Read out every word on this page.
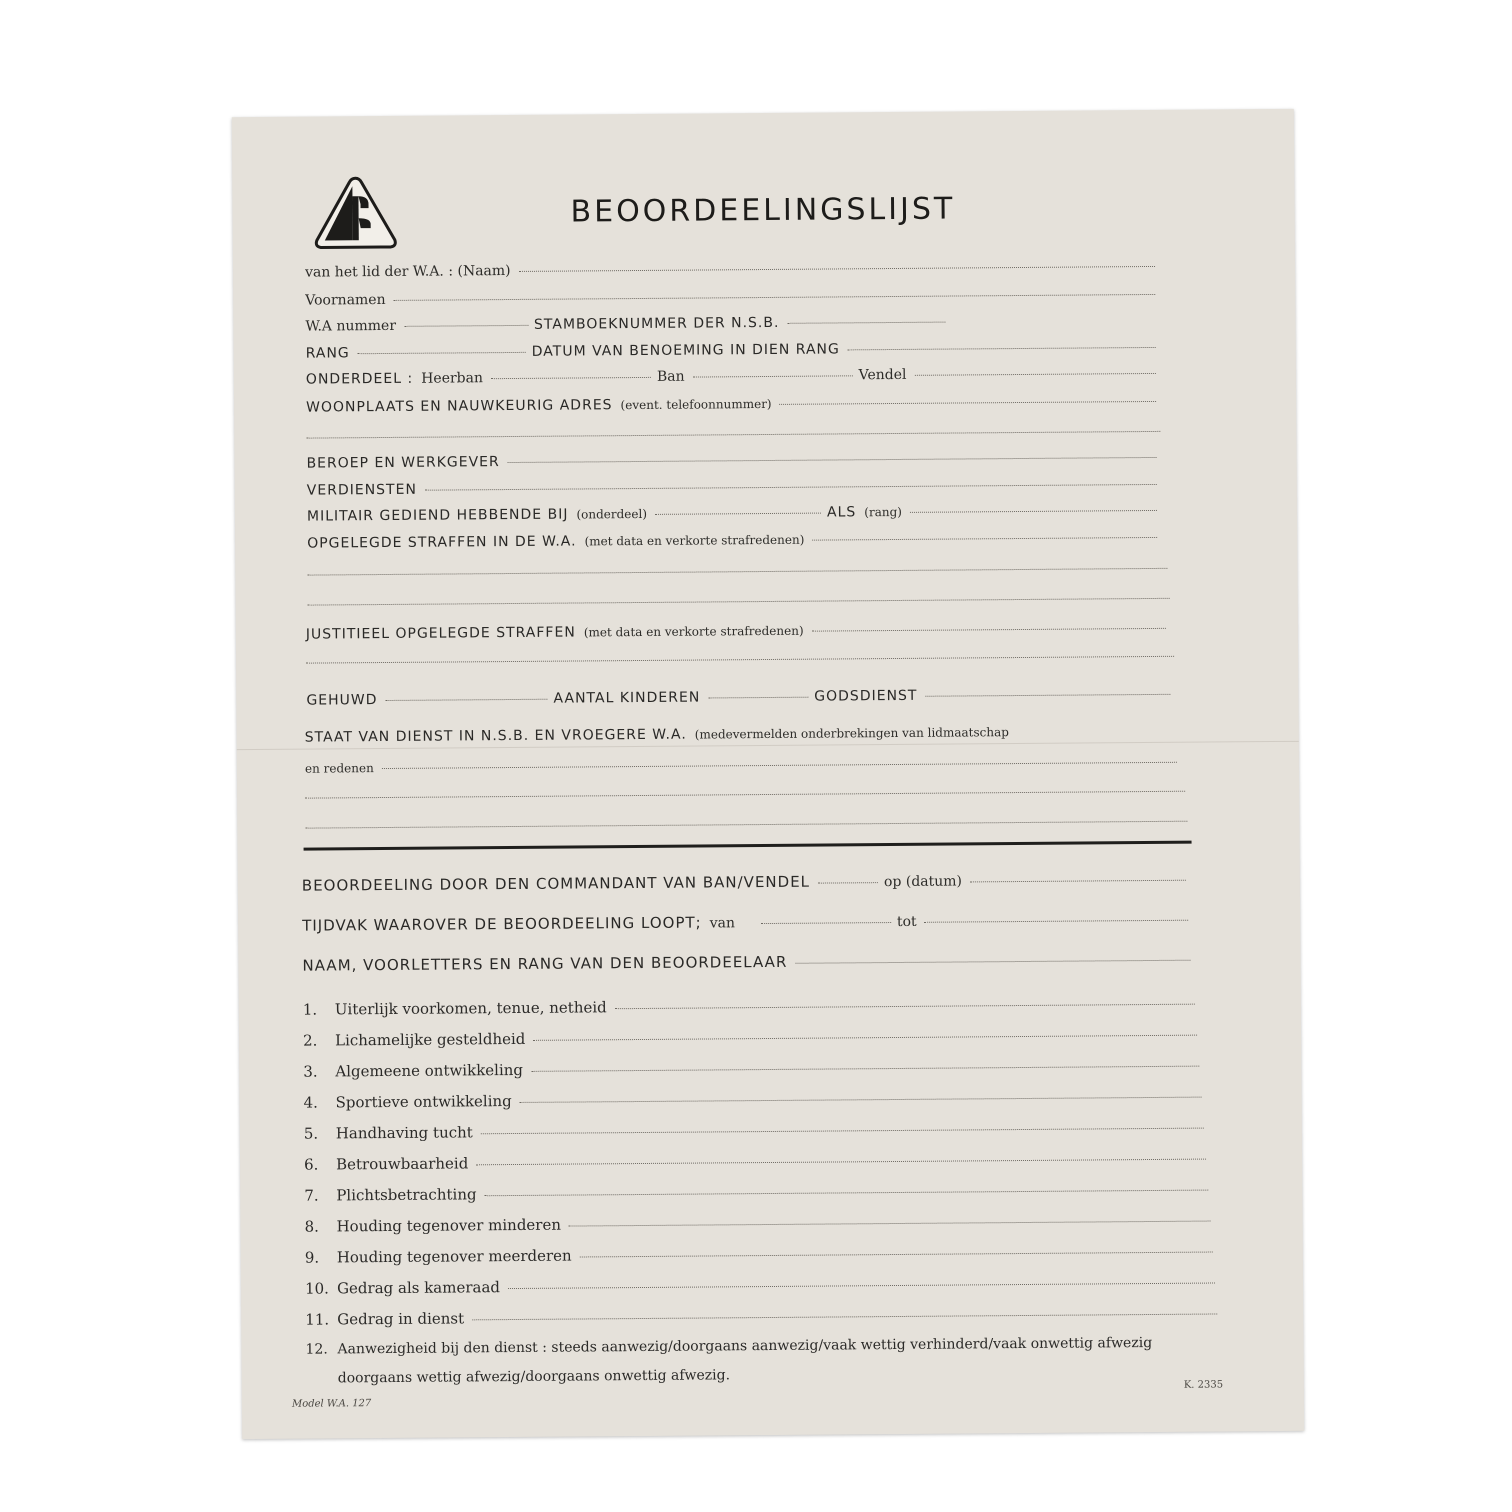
BEOORDEELINGSLIJST
van het lid der W.A. : (Naam)
Voornamen
W.A nummer	STAMBOEKNUMMER DER N.S.B.
RANG	DATUM VAN BENOEMING IN DIEN RANG
ONDERDEEL : Heerban	Ban	Vendel
WOONPLAATS EN NAUWKEURIG ADRES (event. telefoonnummer)
BEROEP EN WERKGEVER
VERDIENSTEN
MILITAIR GEDIEND HEBBENDE BIJ (onderdeel)	ALS (rang)
OPGELEGDE STRAFFEN IN DE W.A. (met data en verkorte strafredenen)
JUSTITIEEL OPGELEGDE STRAFFEN (met data en verkorte strafredenen)
GEHUWD	AANTAL KINDEREN	GODSDIENST
STAAT VAN DIENST IN N.S.B. EN VROEGERE W.A. (medevermelden onderbrekingen van lidmaatschap
en redenen
BEOORDEELING DOOR DEN COMMANDANT VAN BAN/VENDEL	op (datum)
TIJDVAK WAAROVER DE BEOORDEELING LOOPT; van	tot
NAAM, VOORLETTERS EN RANG VAN DEN BEOORDEELAAR
1.	Uiterlijk voorkomen, tenue, netheid
2.	Lichamelijke gesteldheid
3.	Algemeene ontwikkeling
4.	Sportieve ontwikkeling
5.	Handhaving tucht
6.	Betrouwbaarheid
7.	Plichtsbetrachting
8.	Houding tegenover minderen
9.	Houding tegenover meerderen
10. Gedrag als kameraad
11. Gedrag in dienst
12. Aanwezigheid bij den dienst : steeds aanwezig/doorgaans aanwezig/vaak wettig verhinderd/vaak onwettig afwezig
doorgaans wettig afwezig/doorgaans onwettig afwezig.
Model W.A. 127
K. 2335
